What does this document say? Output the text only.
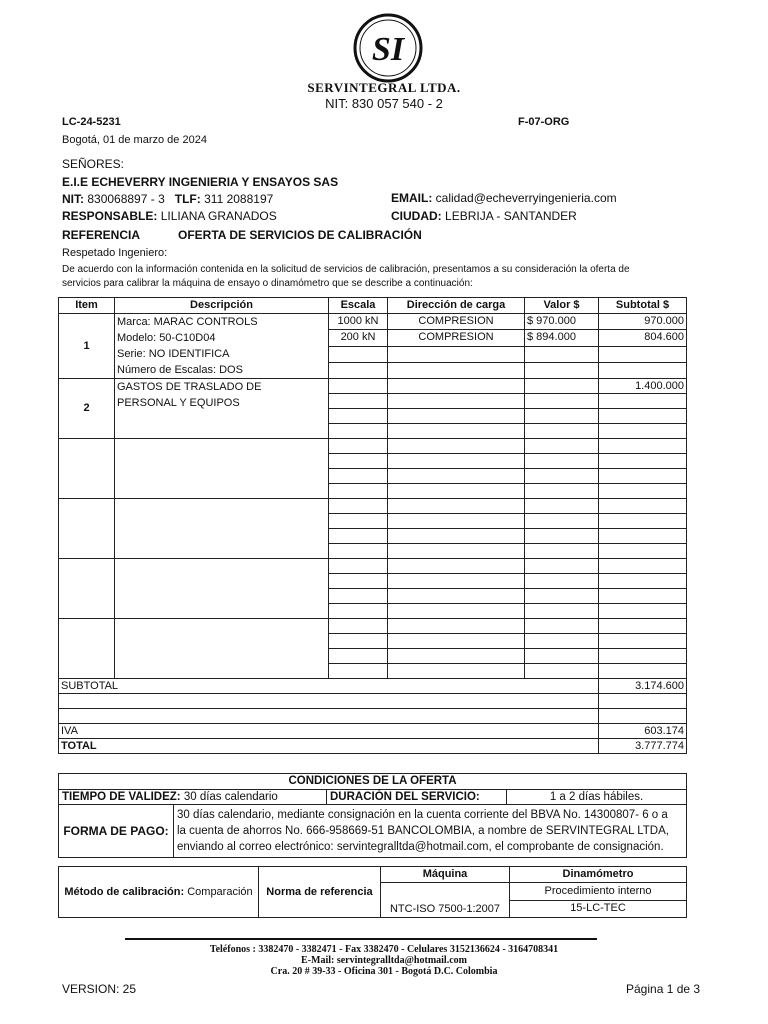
SI
SERVINTEGRAL LTDA.
NIT: 830 057 540 - 2
LC-24-5231	F-07-ORG
Bogotá, 01 de marzo de 2024
SEÑORES:
E.I.E ECHEVERRY INGENIERIA Y ENSAYOS SAS
NIT: 830068897 - 3 TLF: 311 2088197	EMAIL: calidad@echeverryingenieria.com
RESPONSABLE: LILIANA GRANADOS	CIUDAD: LEBRIJA - SANTANDER
REFERENCIA	OFERTA DE SERVICIOS DE CALIBRACIÓN
Respetado Ingeniero:
De acuerdo con la información contenida en la solicitud de servicios de calibración, presentamos a su consideración la oferta de
servicios para calibrar la máquina de ensayo o dinamómetro que se describe a continuación:
Item	Descripción	Escala	Dirección de carga	Valor $	Subtotal $
1	Marca: MARAC CONTROLS
Modelo: 50-C10D04
Serie: NO IDENTIFICA
Número de Escalas: DOS	1000 kN	COMPRESION	$ 970.000	970.000
		200 kN	COMPRESION	$ 894.000	804.600

2	GASTOS DE TRASLADO DE
PERSONAL Y EQUIPOS				1.400.000

SUBTOTAL					3.174.600

IVA					603.174
TOTAL					3.777.774
CONDICIONES DE LA OFERTA			
TIEMPO DE VALIDEZ: 30 días calendario		DURACIÓN DEL SERVICIO:	1 a 2 días hábiles.
FORMA DE PAGO:	30 días calendario, mediante consignación en la cuenta corriente del BBVA No. 14300807- 6 o a
la cuenta de ahorros No. 666-958669-51 BANCOLOMBIA, a nombre de SERVINTEGRAL LTDA,
enviando al correo electrónico: servintegralltda@hotmail.com, el comprobante de consignación.		
Método de calibración: Comparación	Norma de referencia	Máquina	Dinamómetro
		NTC-ISO 7500-1:2007	Procedimiento interno
			15-LC-TEC
Teléfonos : 3382470 - 3382471 - Fax 3382470 - Celulares 3152136624 - 3164708341
E-Mail: servintegralltda@hotmail.com
Cra. 20 # 39-33 - Oficina 301 - Bogotá D.C. Colombia
VERSION: 25	Página 1 de 3
